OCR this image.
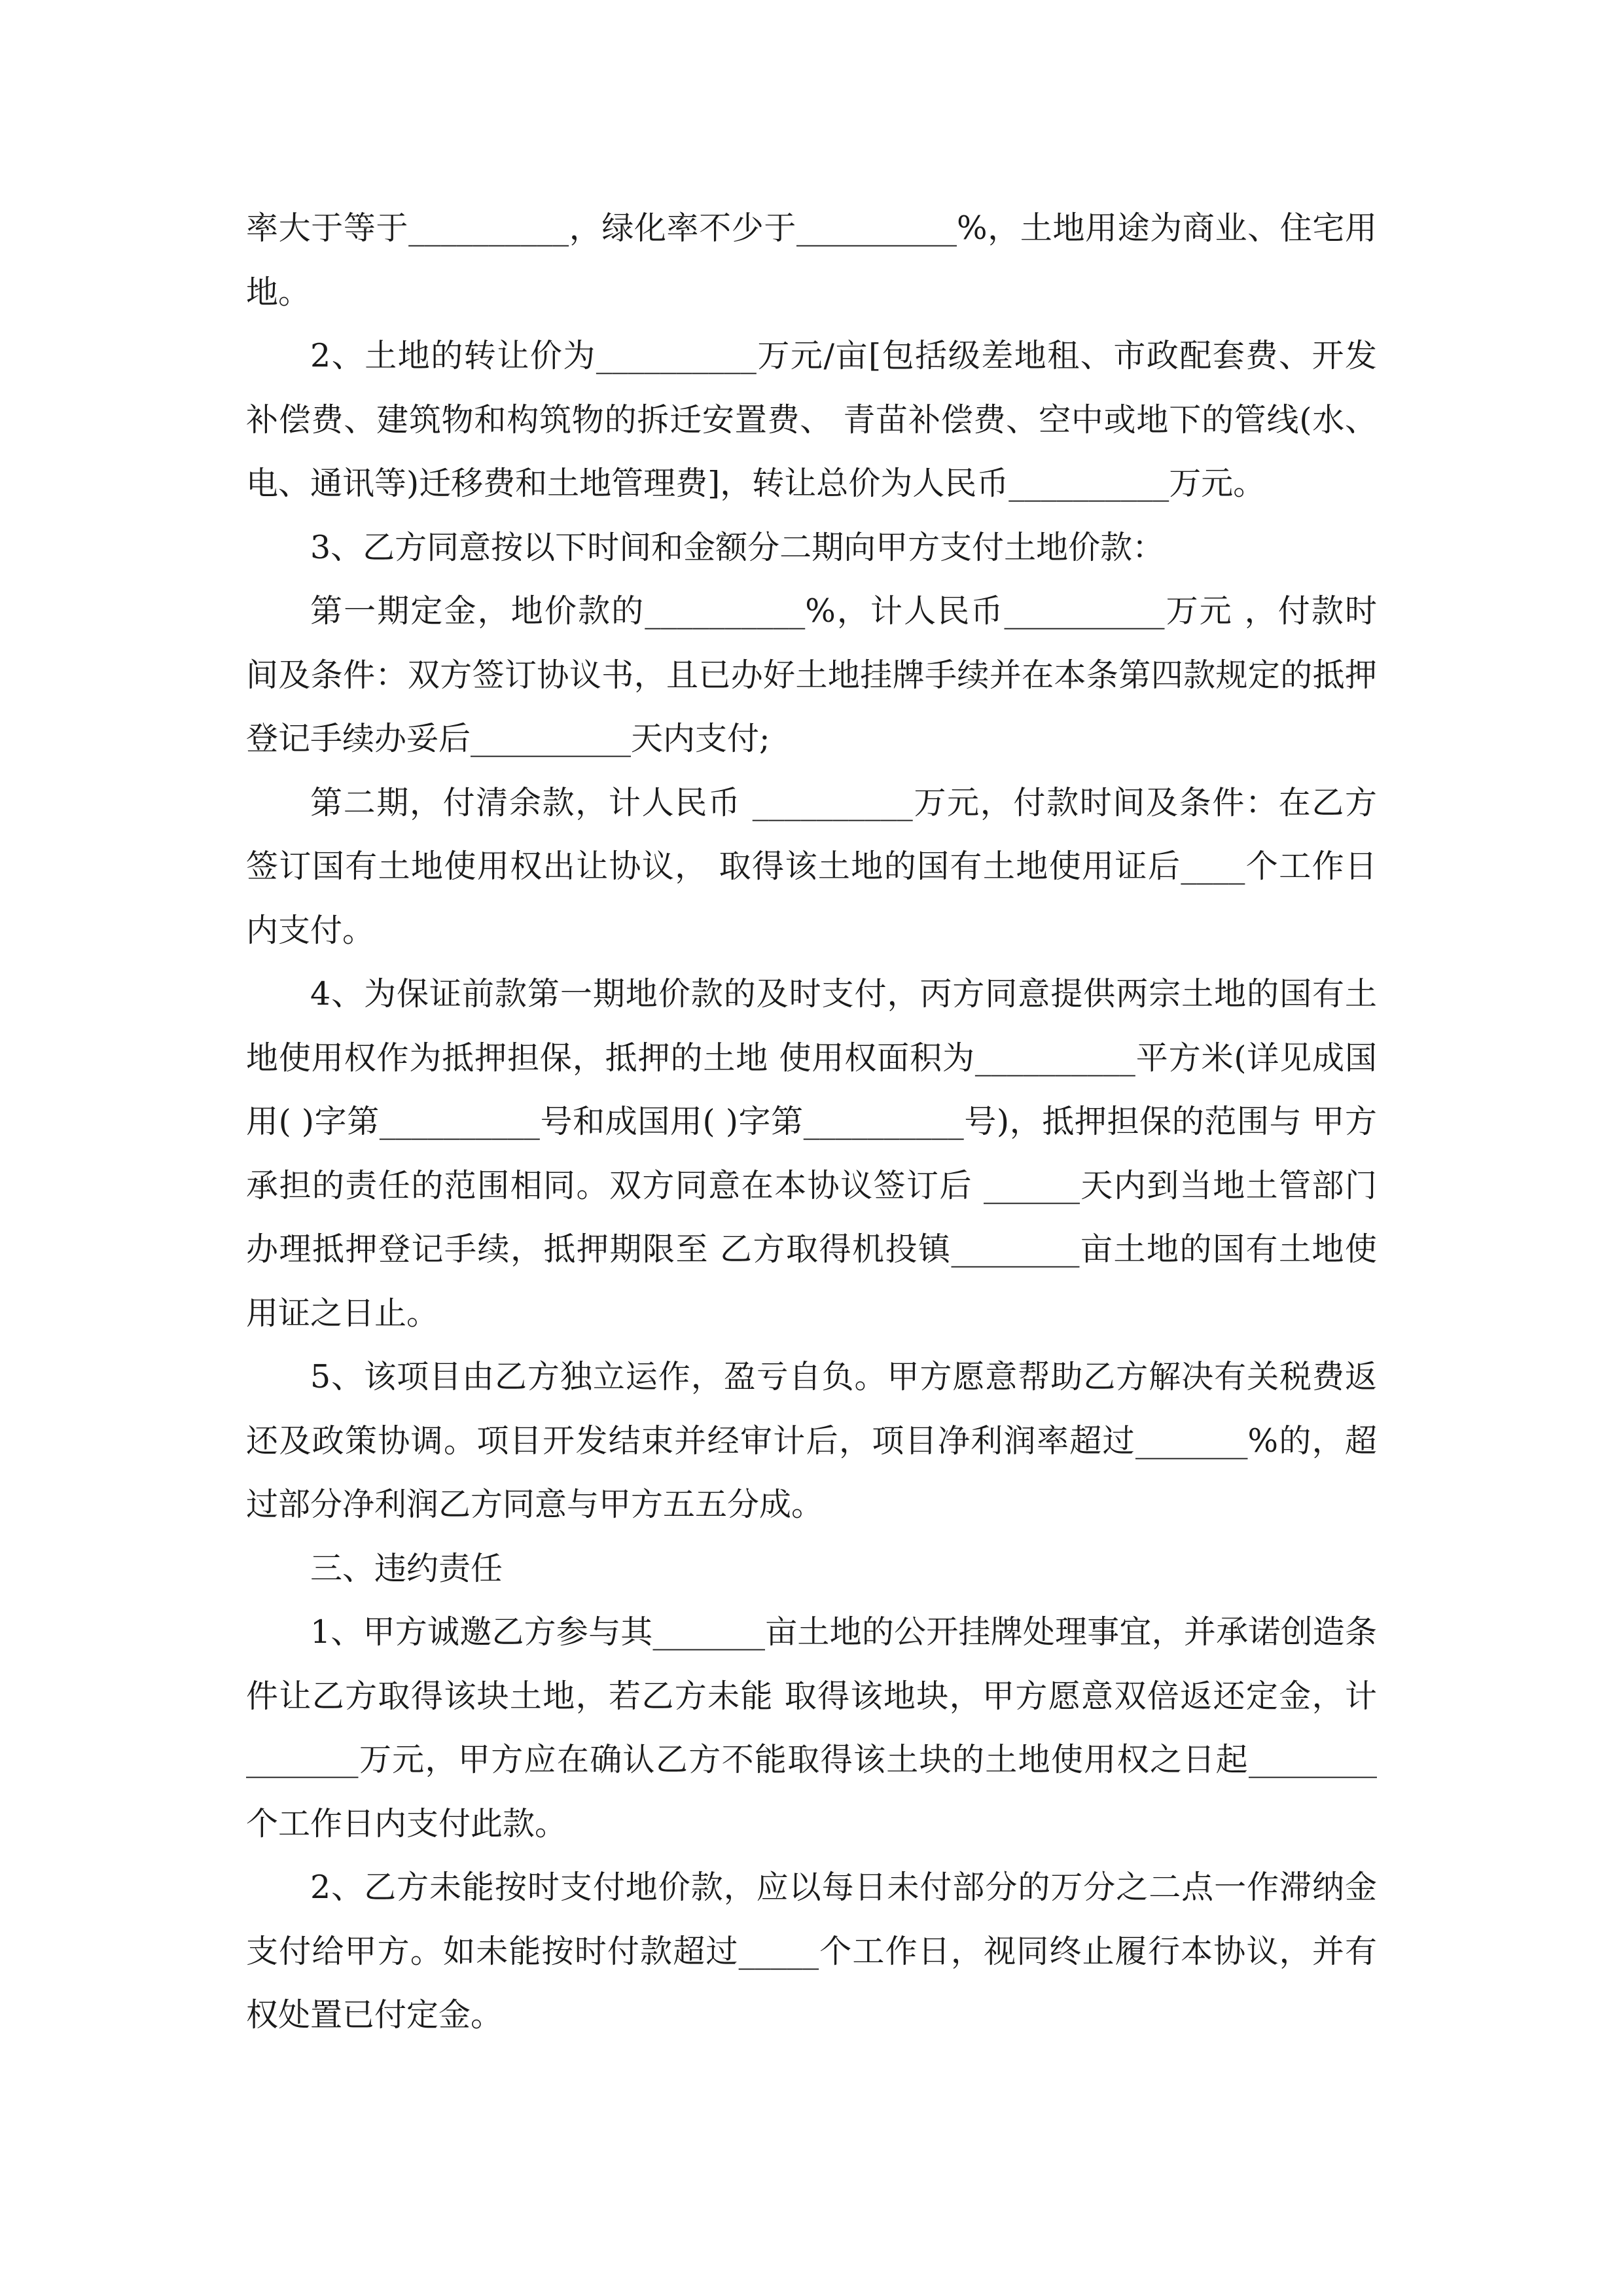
率大于等于__________，绿化率不少于__________%，土地用途为商业、住宅用地。

2、土地的转让价为__________万元/亩[包括级差地租、市政配套费、开发补偿费、建筑物和构筑物的拆迁安置费、 青苗补偿费、空中或地下的管线(水、电、通讯等)迁移费和土地管理费]，转让总价为人民币__________万元。

3、乙方同意按以下时间和金额分二期向甲方支付土地价款：

第一期定金，地价款的__________%，计人民币__________万元 ，付款时间及条件：双方签订协议书，且已办好土地挂牌手续并在本条第四款规定的抵押登记手续办妥后__________天内支付;

第二期，付清余款，计人民币 __________万元，付款时间及条件：在乙方签订国有土地使用权出让协议， 取得该土地的国有土地使用证后____个工作日内支付。

4、为保证前款第一期地价款的及时支付，丙方同意提供两宗土地的国有土地使用权作为抵押担保，抵押的土地 使用权面积为__________平方米(详见成国用( )字第__________号和成国用( )字第__________号)，抵押担保的范围与 甲方承担的责任的范围相同。双方同意在本协议签订后 ______天内到当地土管部门办理抵押登记手续，抵押期限至 乙方取得机投镇________亩土地的国有土地使用证之日止。

5、该项目由乙方独立运作，盈亏自负。甲方愿意帮助乙方解决有关税费返还及政策协调。项目开发结束并经审计后，项目净利润率超过_______%的，超过部分净利润乙方同意与甲方五五分成。

三、违约责任

1、甲方诚邀乙方参与其_______亩土地的公开挂牌处理事宜，并承诺创造条件让乙方取得该块土地，若乙方未能 取得该地块，甲方愿意双倍返还定金，计_______万元，甲方应在确认乙方不能取得该土块的土地使用权之日起________个工作日内支付此款。

2、乙方未能按时支付地价款，应以每日未付部分的万分之二点一作滞纳金支付给甲方。如未能按时付款超过_____个工作日，视同终止履行本协议，并有权处置已付定金。
